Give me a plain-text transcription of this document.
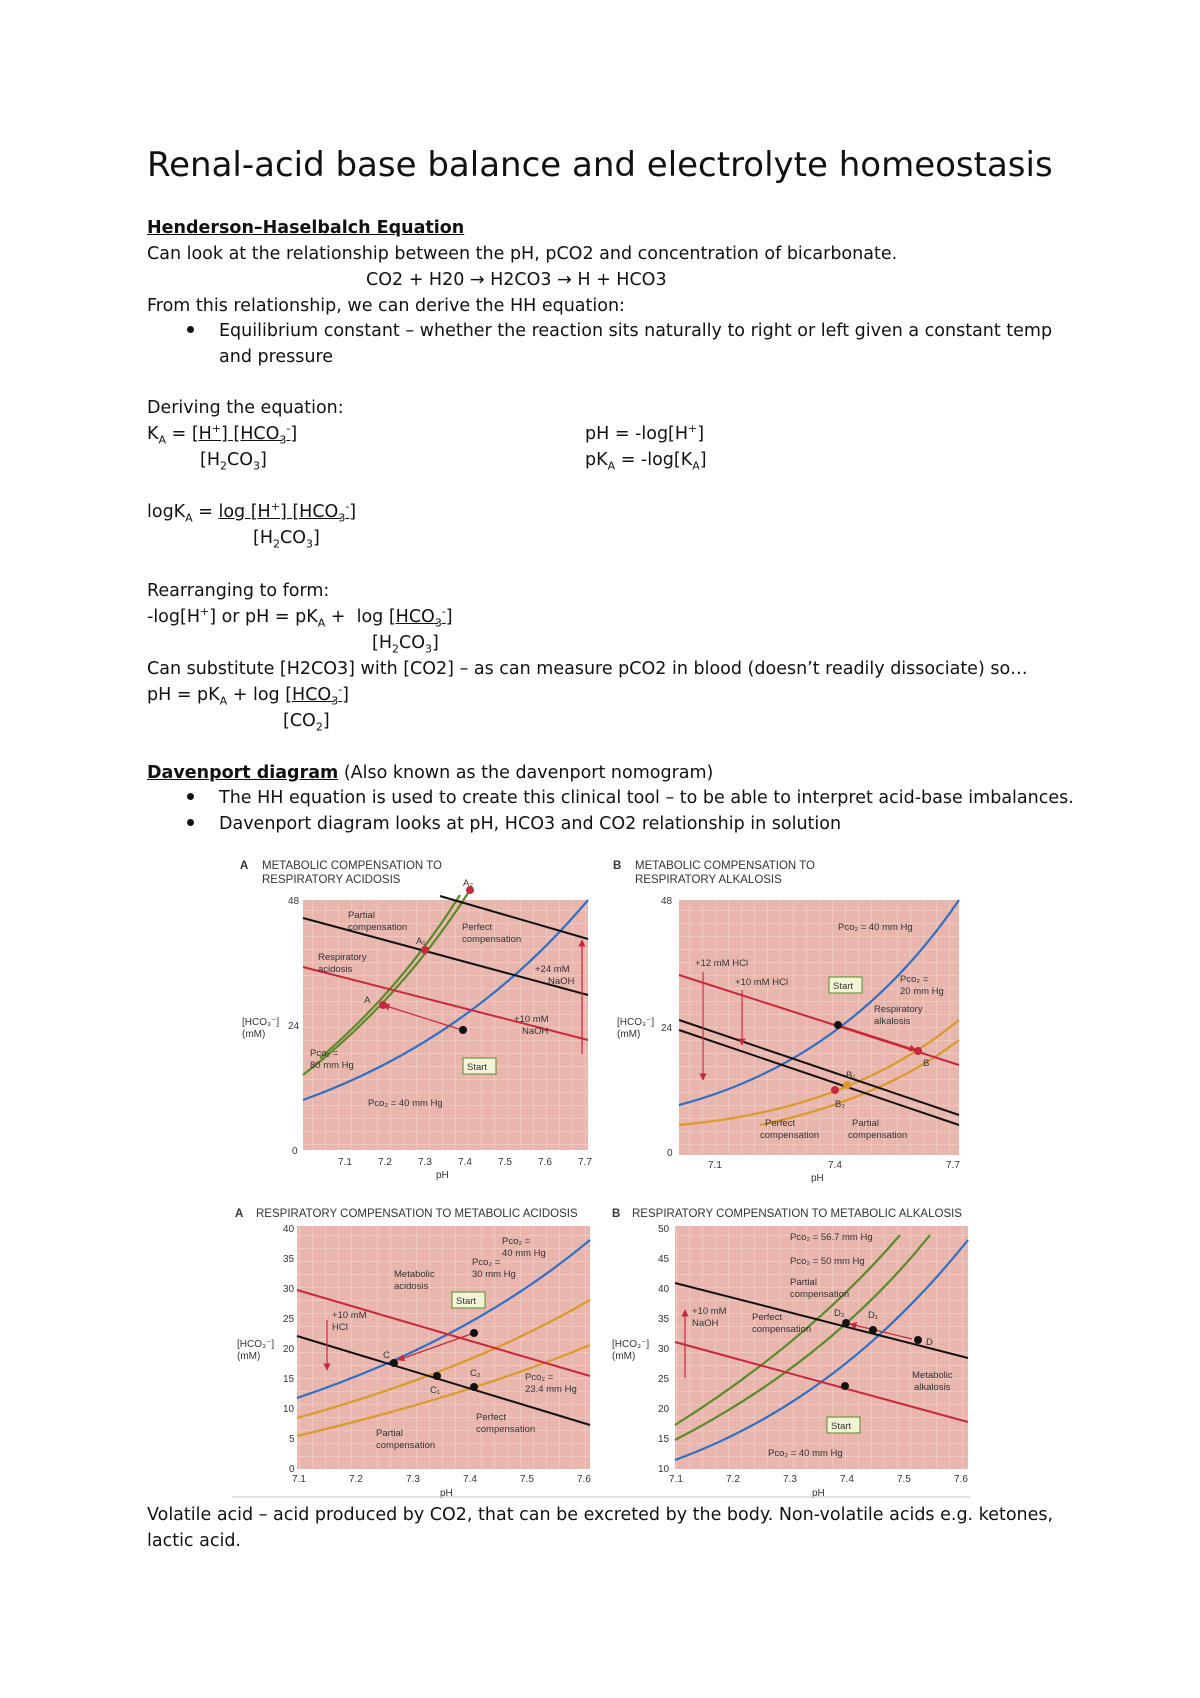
Renal-acid base balance and electrolyte homeostasis
Henderson–Haselbalch Equation
Can look at the relationship between the pH, pCO2 and concentration of bicarbonate.
CO2 + H20 → H2CO3 → H + HCO3
From this relationship, we can derive the HH equation:
Equilibrium constant – whether the reaction sits naturally to right or left given a constant temp
and pressure
Deriving the equation:
$K_A = [H^+]$ $[HCO_3^-]$
$[H_2CO_3]$
pH = -log[H+]
$pK_A = -\log[K_A]$
logK$_A$ = log [H+] $[HCO_3^-]$
$[H_2CO_3]$
Rearranging to form:
-log[H+] or pH = $pK_A + \log [HCO_3^-]$
$[H_2CO_3]$
Can substitute [H2CO3] with [CO2] – as can measure pCO2 in blood (doesn’t readily dissociate) so…
pH = $pK_A + \log [HCO_3^-]$
$[CO_2]$
Davenport diagram (Also known as the davenport nomogram)
The HH equation is used to create this clinical tool – to be able to interpret acid-base imbalances.
Davenport diagram looks at pH, HCO3 and CO2 relationship in solution
A METABOLIC COMPENSATION TO
RESPIRATORY ACIDOSIS
48
24
0
[HCO₃⁻]
(mM)
7.1	7.2	7.3	7.4	7.5	7.6	7.7
pH
Start
Partial
compensation	Perfect
compensation
Respiratory
acidosis	+24 mM
NaOH
+10 mM
NaOH
Pᴄᴏ₂ =
80 mm Hg
Pᴄᴏ₂ = 40 mm Hg
A
A₁
A₂
B METABOLIC COMPENSATION TO
RESPIRATORY ALKALOSIS
48
24
0
[HCO₃⁻]
(mM)
7.1	7.4	7.7
pH
Start
Pᴄᴏ₂ = 40 mm Hg
+12 mM HCl
+10 mM HCl	Pᴄᴏ₂ =
20 mm Hg
Respiratory
alkalosis
B
B₁
B₂
Perfect
compensation
Partial
compensation
A RESPIRATORY COMPENSATION TO METABOLIC ACIDOSIS
40
35
30
25
20
15
10
5
0
[HCO₃⁻]
(mM)
7.1	7.2	7.3	7.4	7.5	7.6
pH
Start
Pᴄᴏ₂ =
40 mm Hg
Pᴄᴏ₂ =
30 mm Hg
Metabolic
acidosis
+10 mM
HCl
C
C₁
C₂	Pᴄᴏ₂ =
23.4 mm Hg
Partial
compensation
Perfect
compensation
B RESPIRATORY COMPENSATION TO METABOLIC ALKALOSIS
50
45
40
35
30
25
20
15
10
[HCO₃⁻]
(mM)
7.1	7.2	7.3	7.4	7.5	7.6
pH
Start
Pᴄᴏ₂ = 56.7 mm Hg
Pᴄᴏ₂ = 50 mm Hg
Partial
compensation
+10 mM
NaOH
Perfect
compensation
D₂ D₁
D
Metabolic
alkalosis
Pᴄᴏ₂ = 40 mm Hg
Volatile acid – acid produced by CO2, that can be excreted by the body. Non-volatile acids e.g. ketones,
lactic acid.
